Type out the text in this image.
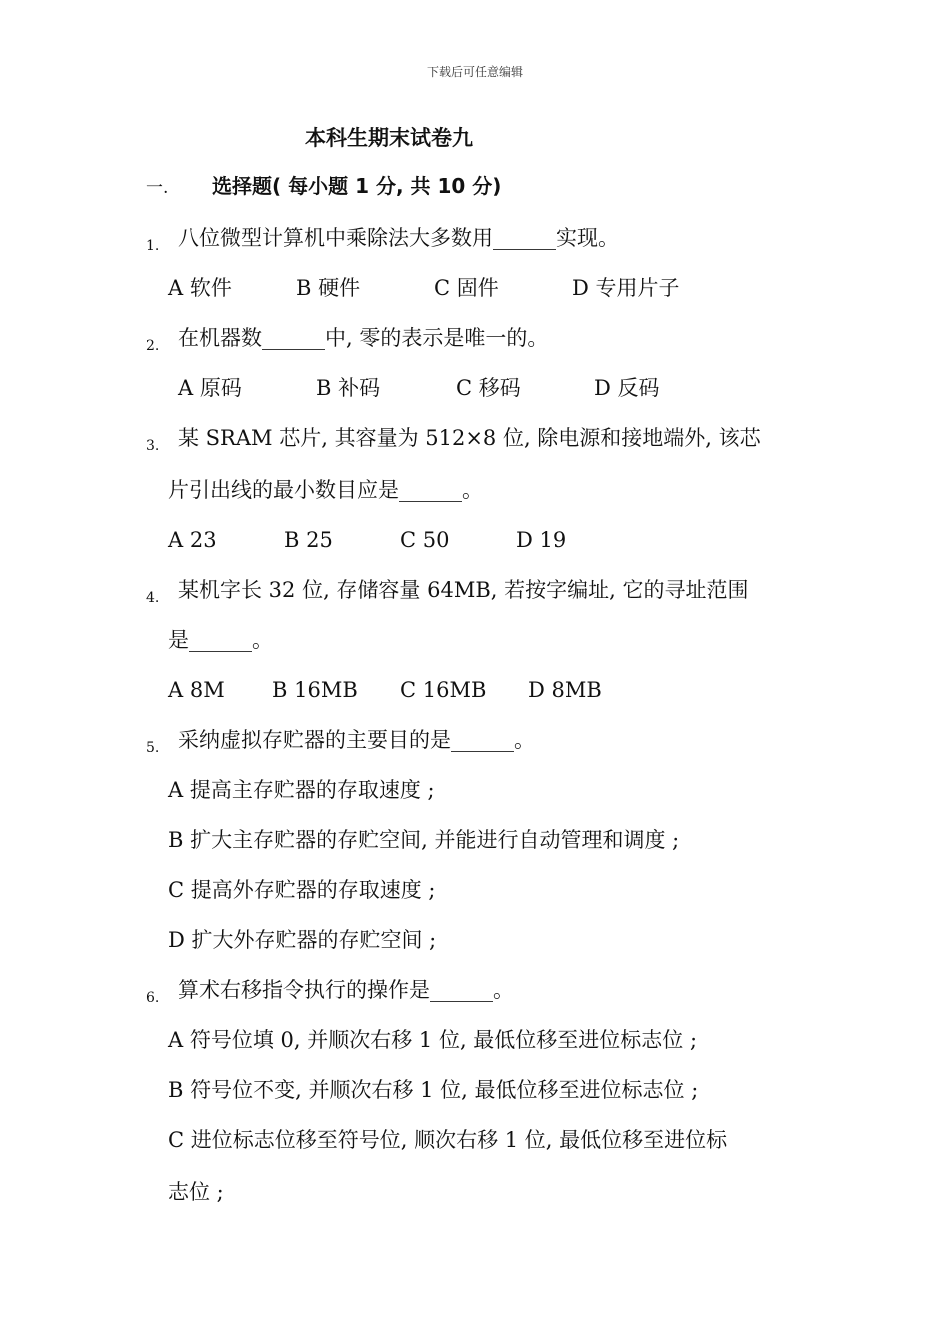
下载后可任意编辑
本科生期末试卷九
一. 选择题( 每小题 1 分, 共 10 分)
1. 八位微型计算机中乘除法大多数用______实现。
A 软件	B 硬件	C 固件	D 专用片子
2. 在机器数______中, 零的表示是唯一的。
A 原码	B 补码	C 移码	D 反码
3. 某 SRAM 芯片, 其容量为 512×8 位, 除电源和接地端外, 该芯
片引出线的最小数目应是______。
A 23	B 25	C 50	D 19
4. 某机字长 32 位, 存储容量 64MB, 若按字编址, 它的寻址范围
是______。
A 8M B 16MB C 16MB D 8MB
5. 采纳虚拟存贮器的主要目的是______。
A 提高主存贮器的存取速度 ;
B 扩大主存贮器的存贮空间, 并能进行自动管理和调度 ;
C 提高外存贮器的存取速度 ;
D 扩大外存贮器的存贮空间 ;
6. 算术右移指令执行的操作是______。
A 符号位填 0, 并顺次右移 1 位, 最低位移至进位标志位 ;
B 符号位不变, 并顺次右移 1 位, 最低位移至进位标志位 ;
C 进位标志位移至符号位, 顺次右移 1 位, 最低位移至进位标
志位 ;
